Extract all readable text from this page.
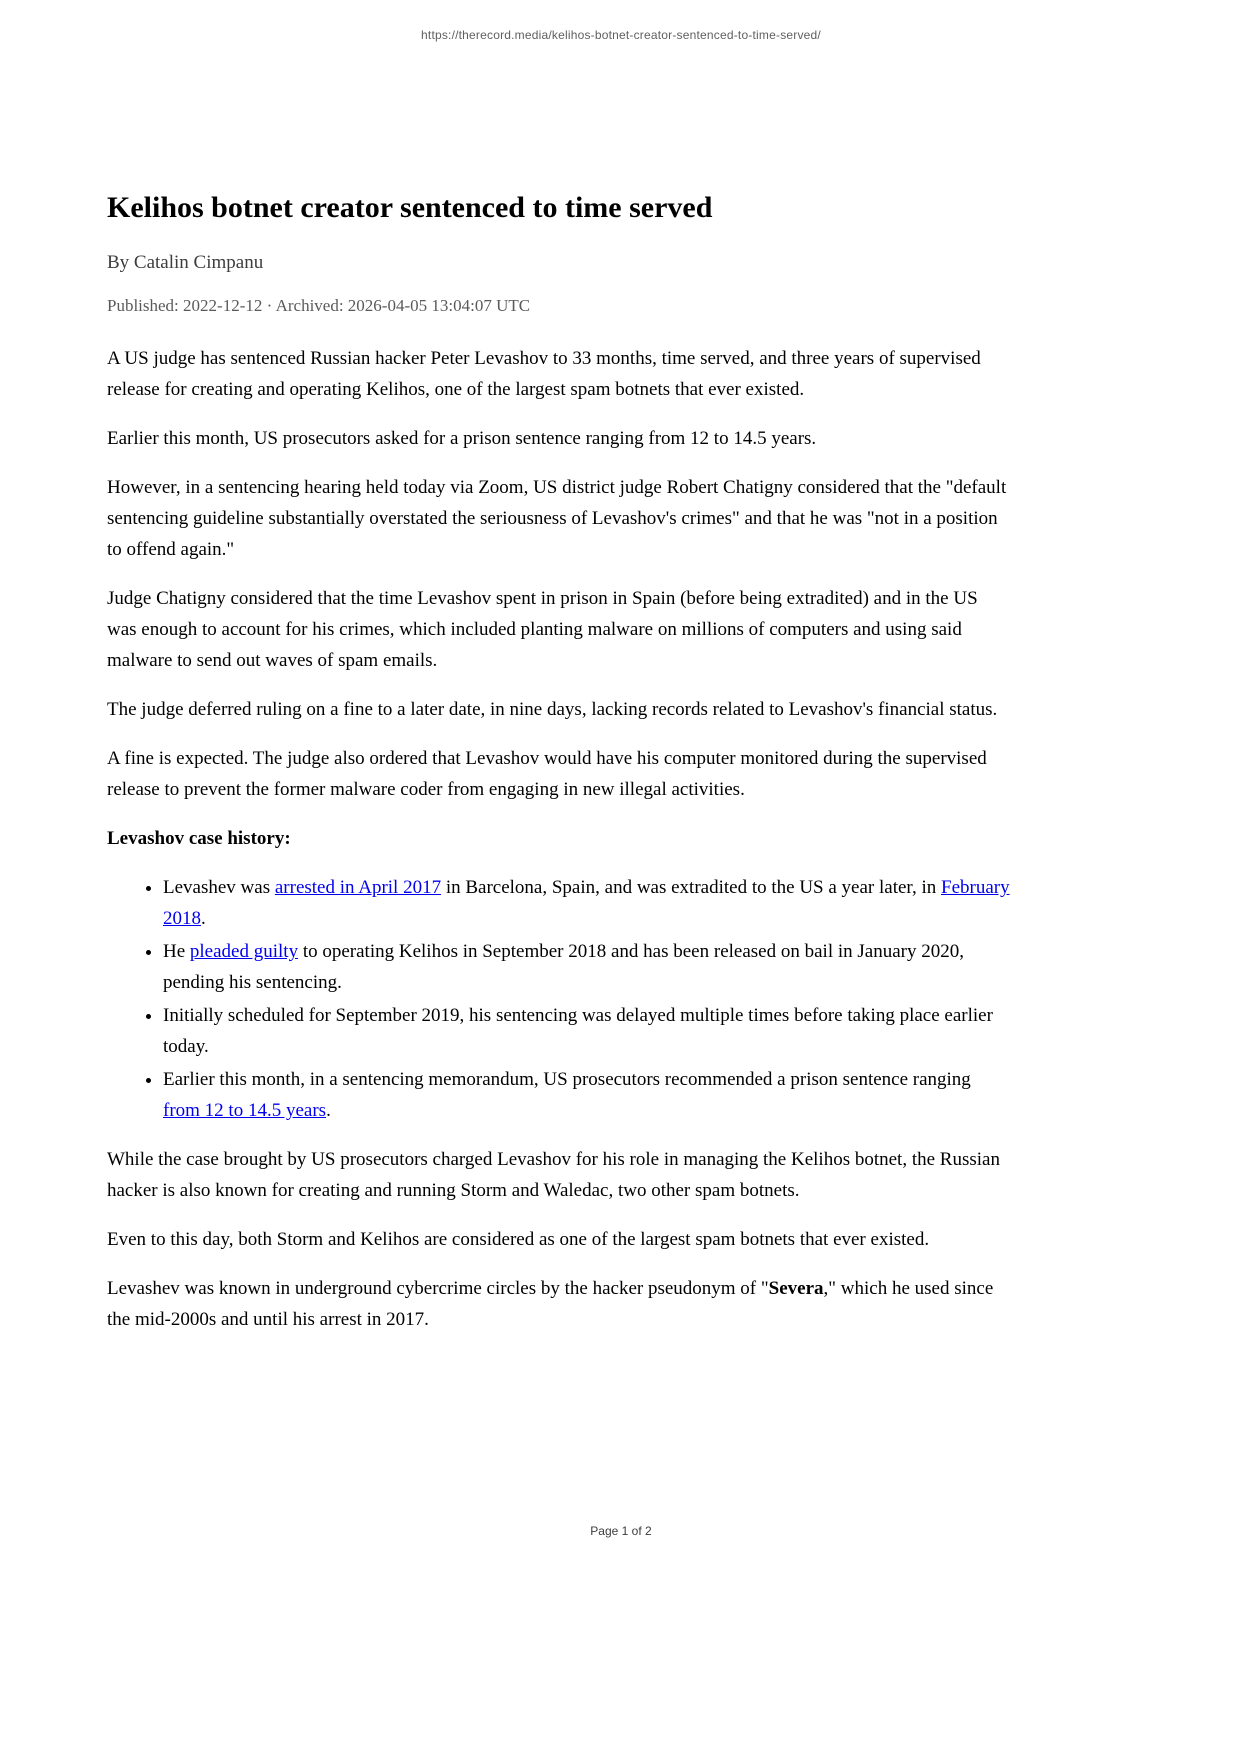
https://therecord.media/kelihos-botnet-creator-sentenced-to-time-served/
Kelihos botnet creator sentenced to time served
By Catalin Cimpanu
Published: 2022-12-12 · Archived: 2026-04-05 13:04:07 UTC

A US judge has sentenced Russian hacker Peter Levashov to 33 months, time served, and three years of supervised release for creating and operating Kelihos, one of the largest spam botnets that ever existed.

Earlier this month, US prosecutors asked for a prison sentence ranging from 12 to 14.5 years.

However, in a sentencing hearing held today via Zoom, US district judge Robert Chatigny considered that the "default sentencing guideline substantially overstated the seriousness of Levashov's crimes" and that he was "not in a position to offend again."

Judge Chatigny considered that the time Levashov spent in prison in Spain (before being extradited) and in the US was enough to account for his crimes, which included planting malware on millions of computers and using said malware to send out waves of spam emails.

The judge deferred ruling on a fine to a later date, in nine days, lacking records related to Levashov's financial status.

A fine is expected. The judge also ordered that Levashov would have his computer monitored during the supervised release to prevent the former malware coder from engaging in new illegal activities.

Levashov case history:
• Levashev was arrested in April 2017 in Barcelona, Spain, and was extradited to the US a year later, in February 2018.
• He pleaded guilty to operating Kelihos in September 2018 and has been released on bail in January 2020, pending his sentencing.
• Initially scheduled for September 2019, his sentencing was delayed multiple times before taking place earlier today.
• Earlier this month, in a sentencing memorandum, US prosecutors recommended a prison sentence ranging from 12 to 14.5 years.

While the case brought by US prosecutors charged Levashov for his role in managing the Kelihos botnet, the Russian hacker is also known for creating and running Storm and Waledac, two other spam botnets.

Even to this day, both Storm and Kelihos are considered as one of the largest spam botnets that ever existed.

Levashev was known in underground cybercrime circles by the hacker pseudonym of "Severa," which he used since the mid-2000s and until his arrest in 2017.

Page 1 of 2
